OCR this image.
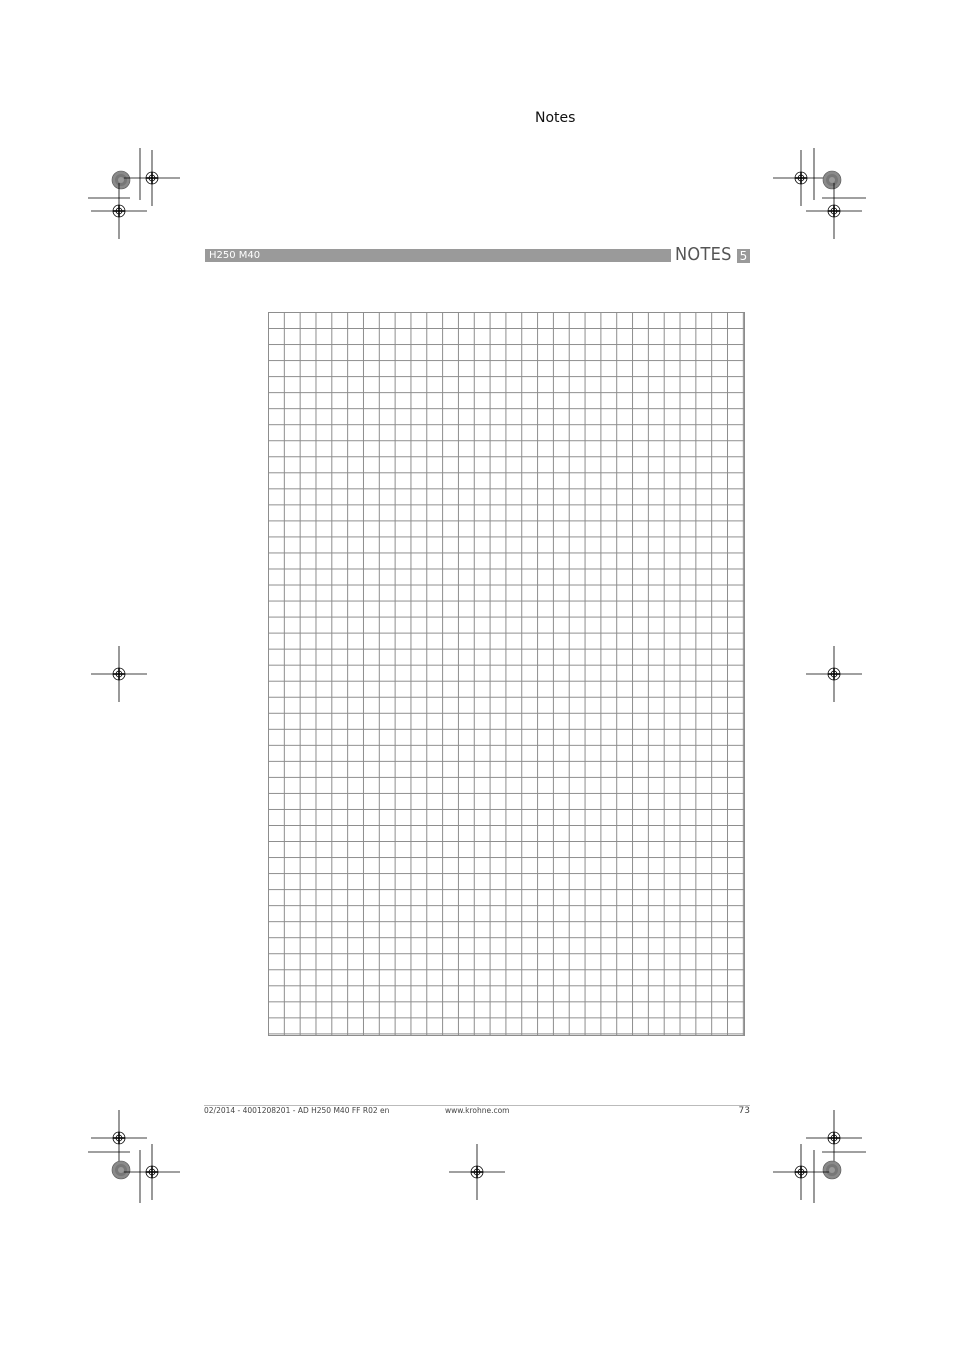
Notes
H250 M40	NOTES 5
02/2014 - 4001208201 - AD H250 M40 FF R02 en	www.krohne.com	73
